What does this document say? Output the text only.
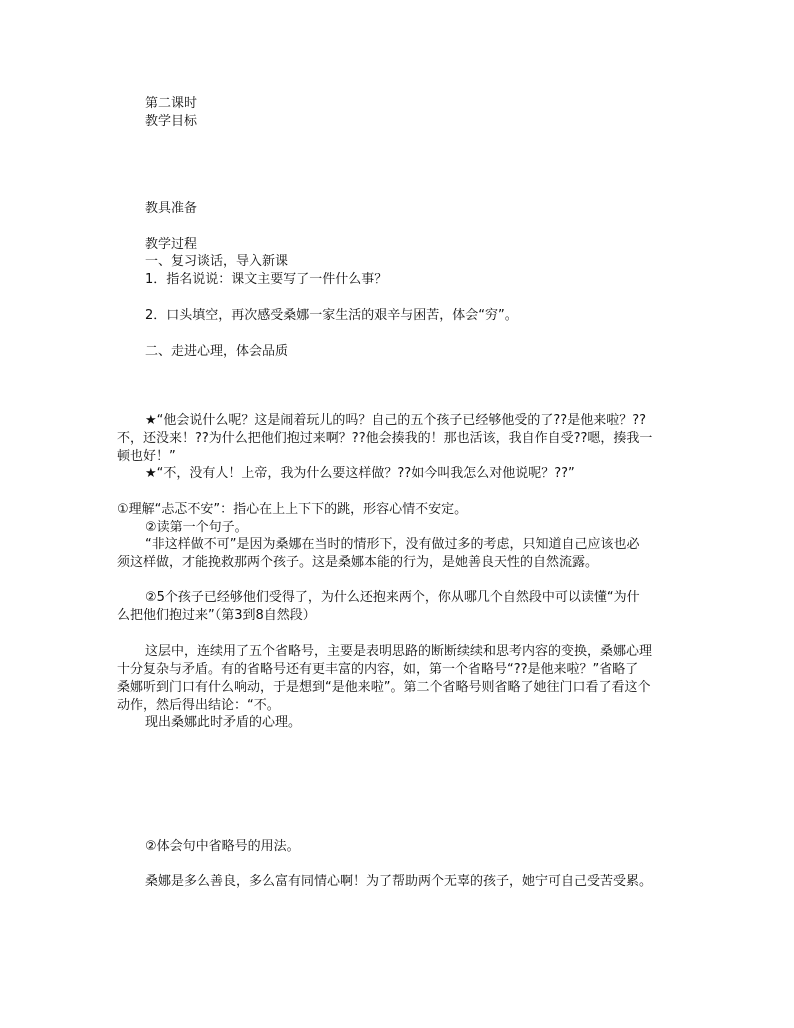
第二课时

教学目标

教具准备

教学过程

一、复习谈话，导入新课

1．指名说说：课文主要写了一件什么事？

2．口头填空，再次感受桑娜一家生活的艰辛与困苦，体会“穷”。

二、走进心理，体会品质

★“他会说什么呢？这是闹着玩儿的吗？自己的五个孩子已经够他受的了??是他来啦？??

不，还没来！??为什么把他们抱过来啊？??他会揍我的！那也活该，我自作自受??嗯，揍我一

顿也好！”

★“不，没有人！上帝，我为什么要这样做？??如今叫我怎么对他说呢？??”

①理解“忐忑不安”：指心在上上下下的跳，形容心情不安定。

②读第一个句子。

“非这样做不可”是因为桑娜在当时的情形下，没有做过多的考虑，只知道自己应该也必

须这样做，才能挽救那两个孩子。这是桑娜本能的行为，是她善良天性的自然流露。

②5个孩子已经够他们受得了，为什么还抱来两个，你从哪几个自然段中可以读懂“为什

么把他们抱过来”（第3到8自然段）

这层中，连续用了五个省略号，主要是表明思路的断断续续和思考内容的变换，桑娜心理

十分复杂与矛盾。有的省略号还有更丰富的内容，如，第一个省略号“??是他来啦？”省略了

桑娜听到门口有什么响动，于是想到“是他来啦”。第二个省略号则省略了她往门口看了看这个

动作，然后得出结论：“不。

现出桑娜此时矛盾的心理。

②体会句中省略号的用法。

桑娜是多么善良，多么富有同情心啊！为了帮助两个无辜的孩子，她宁可自己受苦受累。
